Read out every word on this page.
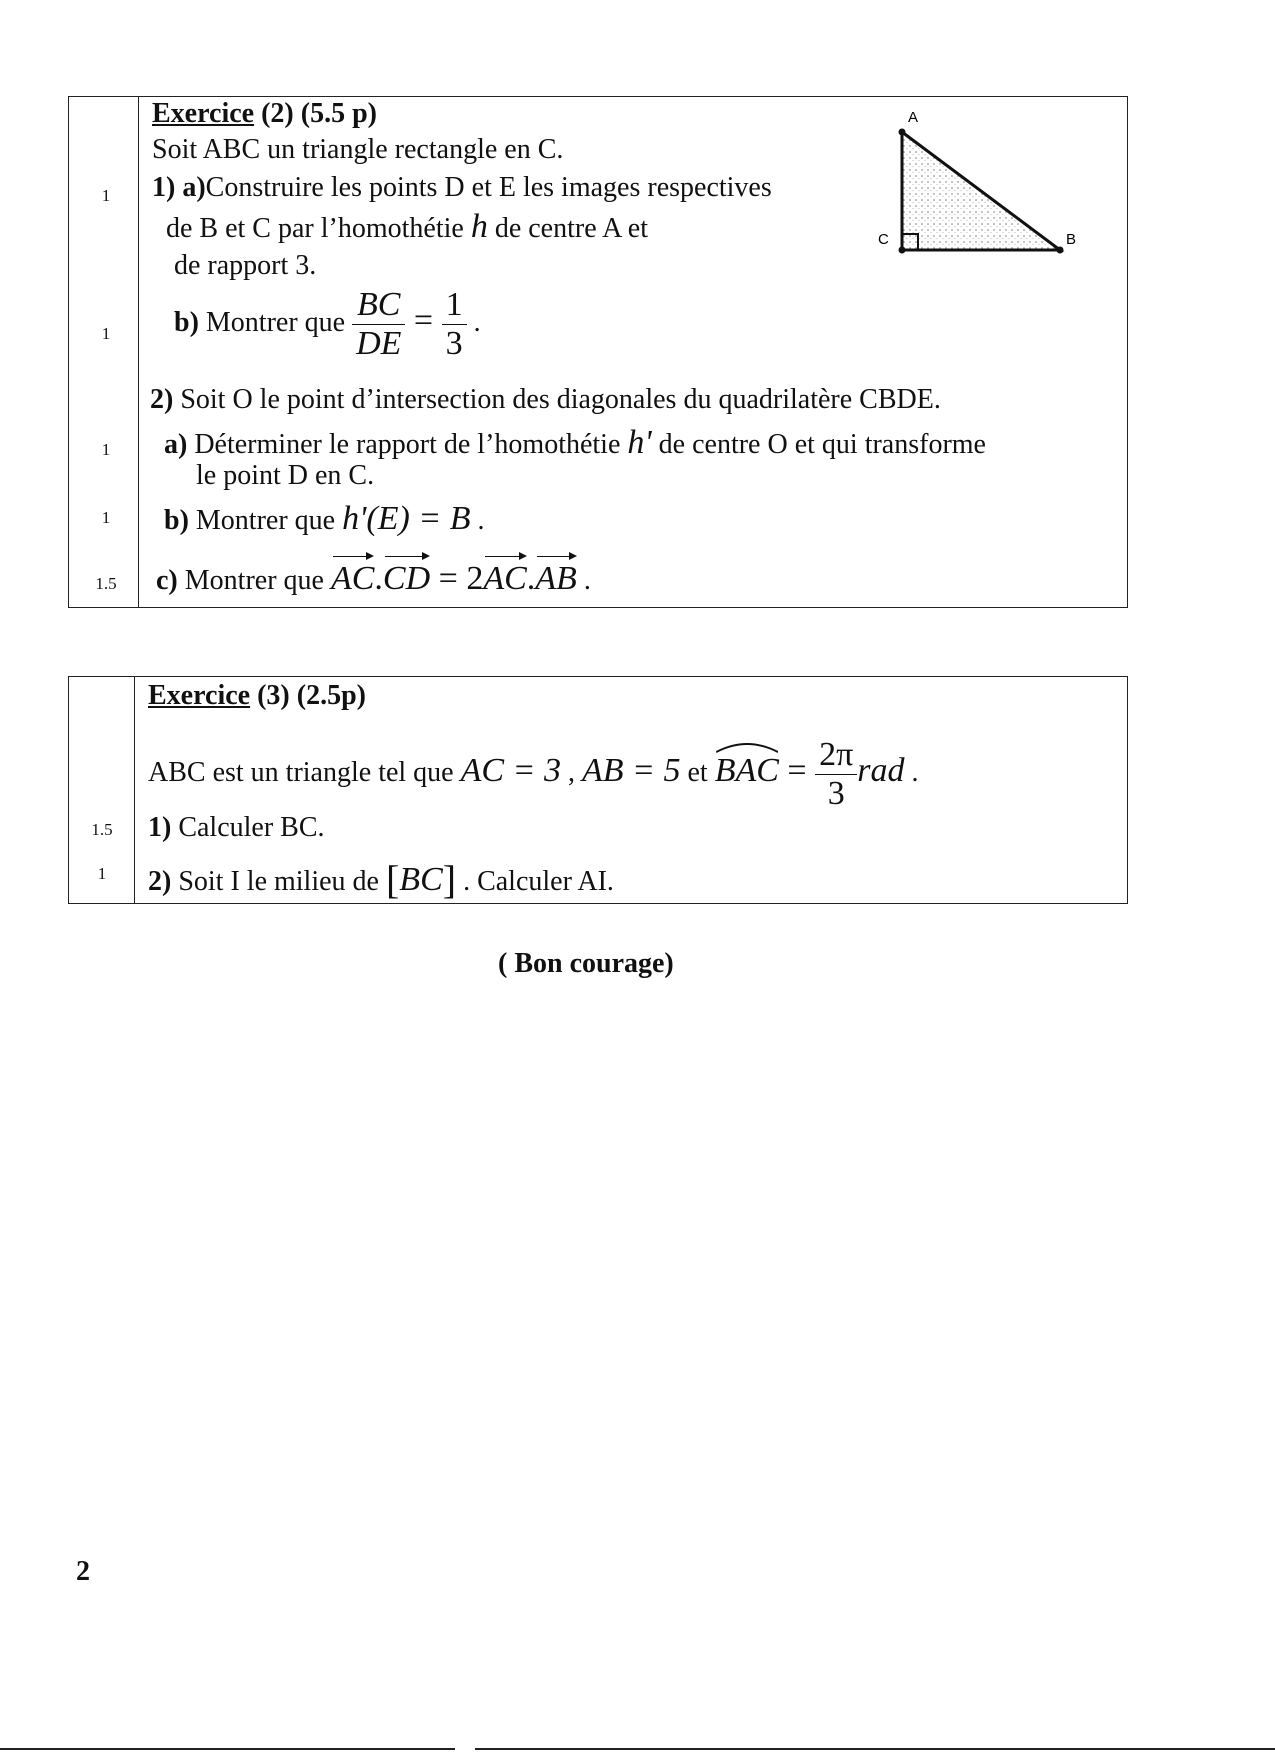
1
1
1
1
1.5
Exercice (2) (5.5 p)
Soit ABC un triangle rectangle en C.
1) a)Construire les points D et E les images respectives
de B et C par l’homothétie h de centre A et
de rapport 3.
b) Montrer que $\frac{BC}{DE} = \frac{1}{3}$ .
2) Soit O le point d’intersection des diagonales du quadrilatère CBDE.
a) Déterminer le rapport de l’homothétie h' de centre O et qui transforme
le point D en C.
b) Montrer que h'(E) = B .
c) Montrer que AC.CD = 2AC.AB .
A
B
C
1.5
1
Exercice (3) (2.5p)
ABC est un triangle tel que AC = 3 , AB = 5 et
BAC = $\frac{2\pi}{3}$ rad .
1) Calculer BC.
2) Soit I le milieu de [BC] . Calculer AI.
( Bon courage)
2
